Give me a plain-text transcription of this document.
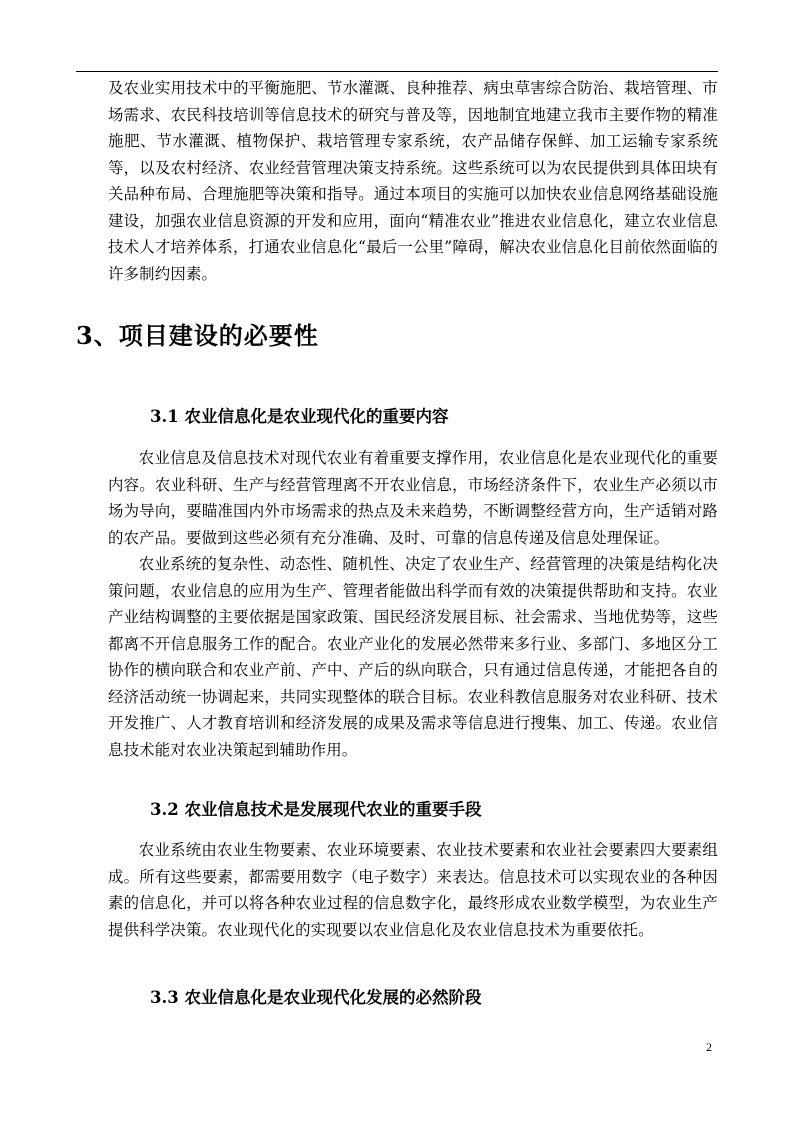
及农业实用技术中的平衡施肥、节水灌溉、良种推荐、病虫草害综合防治、栽培管理、市场需求、农民科技培训等信息技术的研究与普及等，因地制宜地建立我市主要作物的精准施肥、节水灌溉、植物保护、栽培管理专家系统，农产品储存保鲜、加工运输专家系统等，以及农村经济、农业经营管理决策支持系统。这些系统可以为农民提供到具体田块有关品种布局、合理施肥等决策和指导。通过本项目的实施可以加快农业信息网络基础设施建设，加强农业信息资源的开发和应用，面向“精准农业”推进农业信息化，建立农业信息技术人才培养体系，打通农业信息化“最后一公里”障碍，解决农业信息化目前依然面临的许多制约因素。

3、项目建设的必要性
3.1 农业信息化是农业现代化的重要内容

农业信息及信息技术对现代农业有着重要支撑作用，农业信息化是农业现代化的重要内容。农业科研、生产与经营管理离不开农业信息，市场经济条件下，农业生产必须以市场为导向，要瞄准国内外市场需求的热点及未来趋势，不断调整经营方向，生产适销对路的农产品。要做到这些必须有充分准确、及时、可靠的信息传递及信息处理保证。

农业系统的复杂性、动态性、随机性、决定了农业生产、经营管理的决策是结构化决策问题，农业信息的应用为生产、管理者能做出科学而有效的决策提供帮助和支持。农业产业结构调整的主要依据是国家政策、国民经济发展目标、社会需求、当地优势等，这些都离不开信息服务工作的配合。农业产业化的发展必然带来多行业、多部门、多地区分工协作的横向联合和农业产前、产中、产后的纵向联合，只有通过信息传递，才能把各自的经济活动统一协调起来，共同实现整体的联合目标。农业科教信息服务对农业科研、技术开发推广、人才教育培训和经济发展的成果及需求等信息进行搜集、加工、传递。农业信息技术能对农业决策起到辅助作用。

3.2 农业信息技术是发展现代农业的重要手段

农业系统由农业生物要素、农业环境要素、农业技术要素和农业社会要素四大要素组成。所有这些要素，都需要用数字（电子数字）来表达。信息技术可以实现农业的各种因素的信息化，并可以将各种农业过程的信息数字化，最终形成农业数学模型，为农业生产提供科学决策。农业现代化的实现要以农业信息化及农业信息技术为重要依托。

3.3 农业信息化是农业现代化发展的必然阶段
2
